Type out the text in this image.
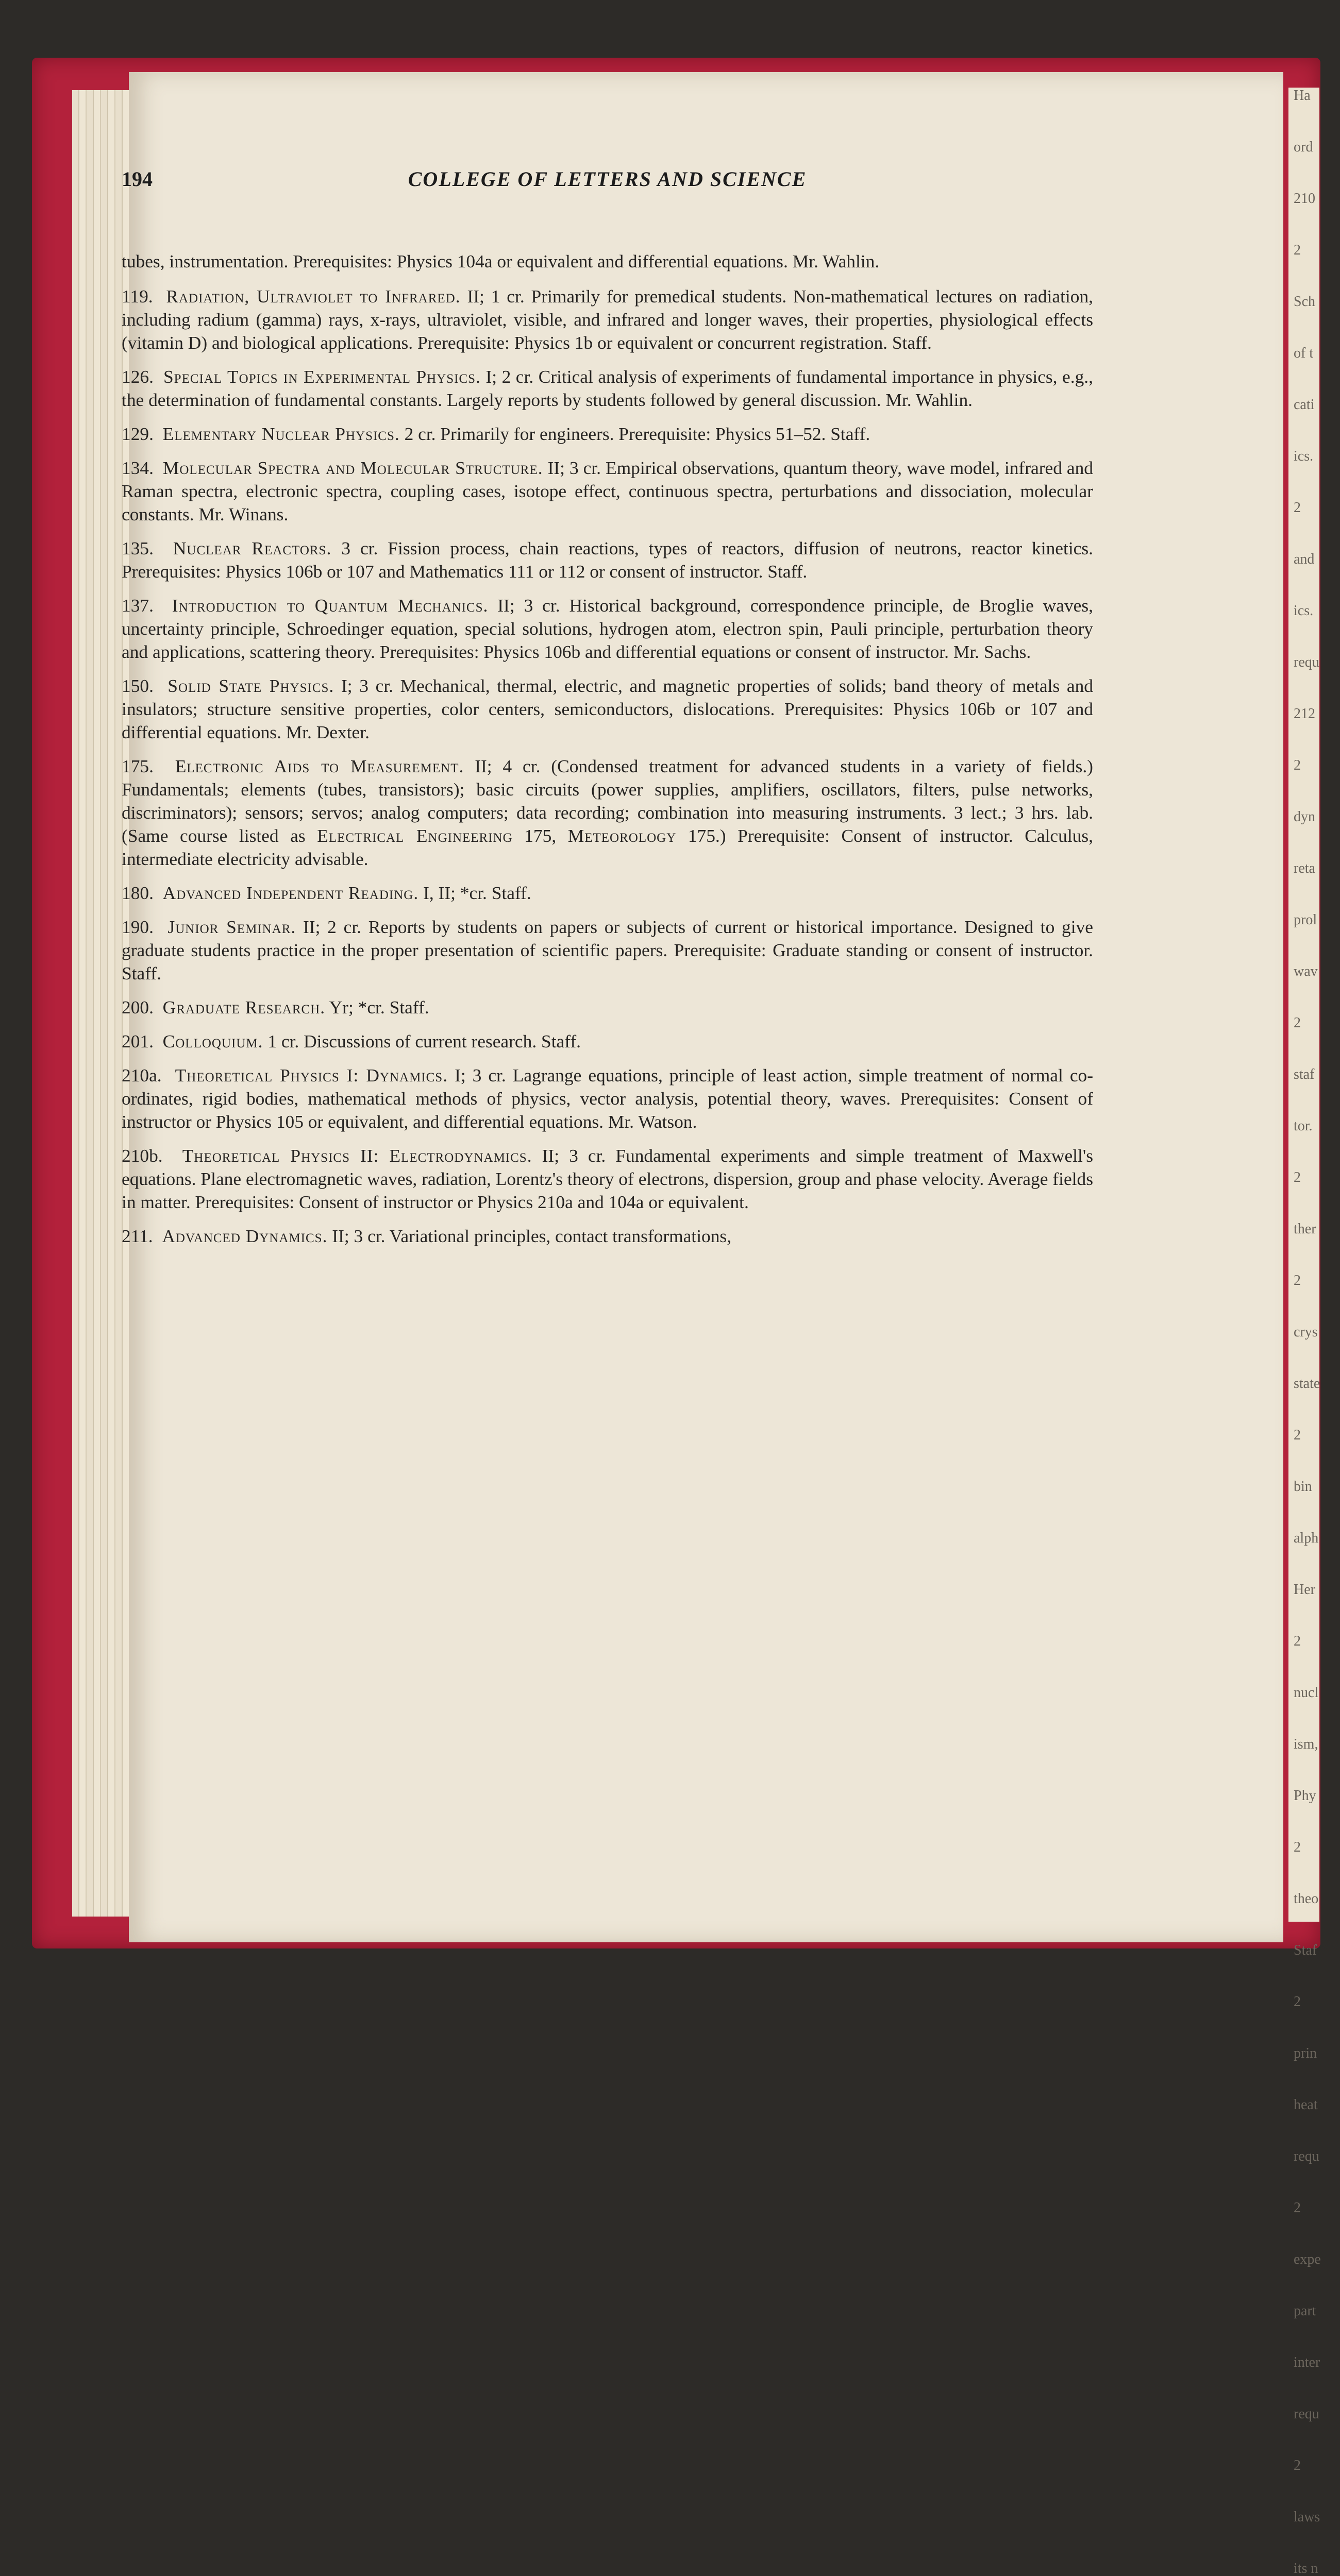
Ha
ord
210
2
Sch
of t
cati
ics.
2
and
ics.
requ
212
2
dyn
reta
prol
wav
2
staf
tor.
2
ther
2
crys
state
2
bin
alph
Her
2
nucl
ism,
Phy
2
theo
Staf
2
prin
heat
requ
2
expe
part
inter
requ
2
laws
its n
194	COLLEGE OF LETTERS AND SCIENCE

tubes, instrumentation. Prerequisites: Physics 104a or equivalent and differential equations. Mr. Wahlin.

119. Radiation, Ultraviolet to Infrared. II; 1 cr. Primarily for premedical students. Non-mathematical lectures on radiation, including radium (gamma) rays, x-rays, ultraviolet, visible, and infrared and longer waves, their properties, physiological effects (vitamin D) and biological applications. Prerequisite: Physics 1b or equivalent or concurrent registration. Staff.

126. Special Topics in Experimental Physics. I; 2 cr. Critical analysis of experiments of fundamental importance in physics, e.g., the determination of fundamental constants. Largely reports by students followed by general discussion. Mr. Wahlin.

129. Elementary Nuclear Physics. 2 cr. Primarily for engineers. Prerequisite: Physics 51–52. Staff.

134. Molecular Spectra and Molecular Structure. II; 3 cr. Empirical observations, quantum theory, wave model, infrared and Raman spectra, electronic spectra, coupling cases, isotope effect, continuous spectra, perturbations and dissociation, molecular constants. Mr. Winans.

135. Nuclear Reactors. 3 cr. Fission process, chain reactions, types of reactors, diffusion of neutrons, reactor kinetics. Prerequisites: Physics 106b or 107 and Mathematics 111 or 112 or consent of instructor. Staff.

137. Introduction to Quantum Mechanics. II; 3 cr. Historical background, correspondence principle, de Broglie waves, uncertainty principle, Schroedinger equation, special solutions, hydrogen atom, electron spin, Pauli principle, perturbation theory and applications, scattering theory. Prerequisites: Physics 106b and differential equations or consent of instructor. Mr. Sachs.

150. Solid State Physics. I; 3 cr. Mechanical, thermal, electric, and magnetic properties of solids; band theory of metals and insulators; structure sensitive properties, color centers, semiconductors, dislocations. Prerequisites: Physics 106b or 107 and differential equations. Mr. Dexter.

175. Electronic Aids to Measurement. II; 4 cr. (Condensed treatment for advanced students in a variety of fields.) Fundamentals; elements (tubes, transistors); basic circuits (power supplies, amplifiers, oscillators, filters, pulse networks, discriminators); sensors; servos; analog computers; data recording; combination into measuring instruments. 3 lect.; 3 hrs. lab. (Same course listed as Electrical Engineering 175, Meteorology 175.) Prerequisite: Consent of instructor. Calculus, intermediate electricity advisable.

180. Advanced Independent Reading. I, II; *cr. Staff.

190. Junior Seminar. II; 2 cr. Reports by students on papers or subjects of current or historical importance. Designed to give graduate students practice in the proper presentation of scientific papers. Prerequisite: Graduate standing or consent of instructor. Staff.

200. Graduate Research. Yr; *cr. Staff.

201. Colloquium. 1 cr. Discussions of current research. Staff.

210a. Theoretical Physics I: Dynamics. I; 3 cr. Lagrange equations, principle of least action, simple treatment of normal co-ordinates, rigid bodies, mathematical methods of physics, vector analysis, potential theory, waves. Prerequisites: Consent of instructor or Physics 105 or equivalent, and differential equations. Mr. Watson.

210b. Theoretical Physics II: Electrodynamics. II; 3 cr. Fundamental experiments and simple treatment of Maxwell's equations. Plane electromagnetic waves, radiation, Lorentz's theory of electrons, dispersion, group and phase velocity. Average fields in matter. Prerequisites: Consent of instructor or Physics 210a and 104a or equivalent.

211. Advanced Dynamics. II; 3 cr. Variational principles, contact transformations,
